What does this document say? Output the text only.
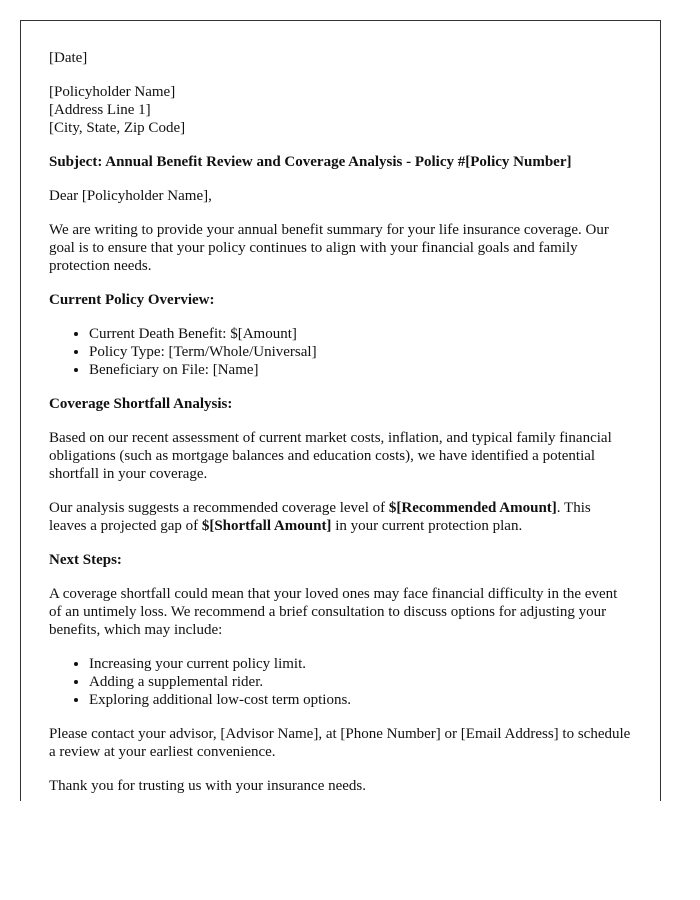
[Date]

[Policyholder Name]
[Address Line 1]
[City, State, Zip Code]

Subject: Annual Benefit Review and Coverage Analysis - Policy #[Policy Number]

Dear [Policyholder Name],

We are writing to provide your annual benefit summary for your life insurance coverage. Our goal is to ensure that your policy continues to align with your financial goals and family protection needs.

Current Policy Overview:

• Current Death Benefit: $[Amount]
• Policy Type: [Term/Whole/Universal]
• Beneficiary on File: [Name]

Coverage Shortfall Analysis:

Based on our recent assessment of current market costs, inflation, and typical family financial obligations (such as mortgage balances and education costs), we have identified a potential shortfall in your coverage.

Our analysis suggests a recommended coverage level of $[Recommended Amount]. This leaves a projected gap of $[Shortfall Amount] in your current protection plan.

Next Steps:

A coverage shortfall could mean that your loved ones may face financial difficulty in the event of an untimely loss. We recommend a brief consultation to discuss options for adjusting your benefits, which may include:

• Increasing your current policy limit.
• Adding a supplemental rider.
• Exploring additional low-cost term options.

Please contact your advisor, [Advisor Name], at [Phone Number] or [Email Address] to schedule a review at your earliest convenience.

Thank you for trusting us with your insurance needs.
